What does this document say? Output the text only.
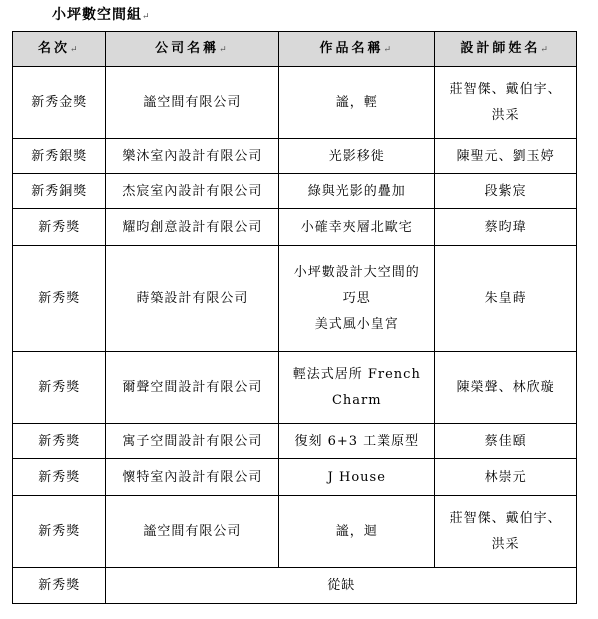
小坪數空間組↵
名次↵	公司名稱↵	作品名稱↵	設計師姓名↵
新秀金獎	謐空間有限公司	謐，輕	莊智傑、戴伯宇、
洪采

新秀銀獎	樂沐室內設計有限公司	光影移徙	陳聖元、劉玉婷
新秀銅獎	杰宸室內設計有限公司	綠與光影的疊加	段紫宸
新秀獎	耀昀創意設計有限公司	小確幸夾層北歐宅	蔡昀瑋
新秀獎	蒔築設計有限公司	小坪數設計大空間的
巧思
美式風小皇宮	朱皇蒔
新秀獎	爾聲空間設計有限公司	輕法式居所 French
Charm	陳榮聲、林欣璇
新秀獎	寓子空間設計有限公司	復刻 6+3 工業原型	蔡佳頤
新秀獎	懷特室內設計有限公司	J House	林崇元
新秀獎	謐空間有限公司	謐，迴	莊智傑、戴伯宇、
洪采

新秀獎	從缺		
